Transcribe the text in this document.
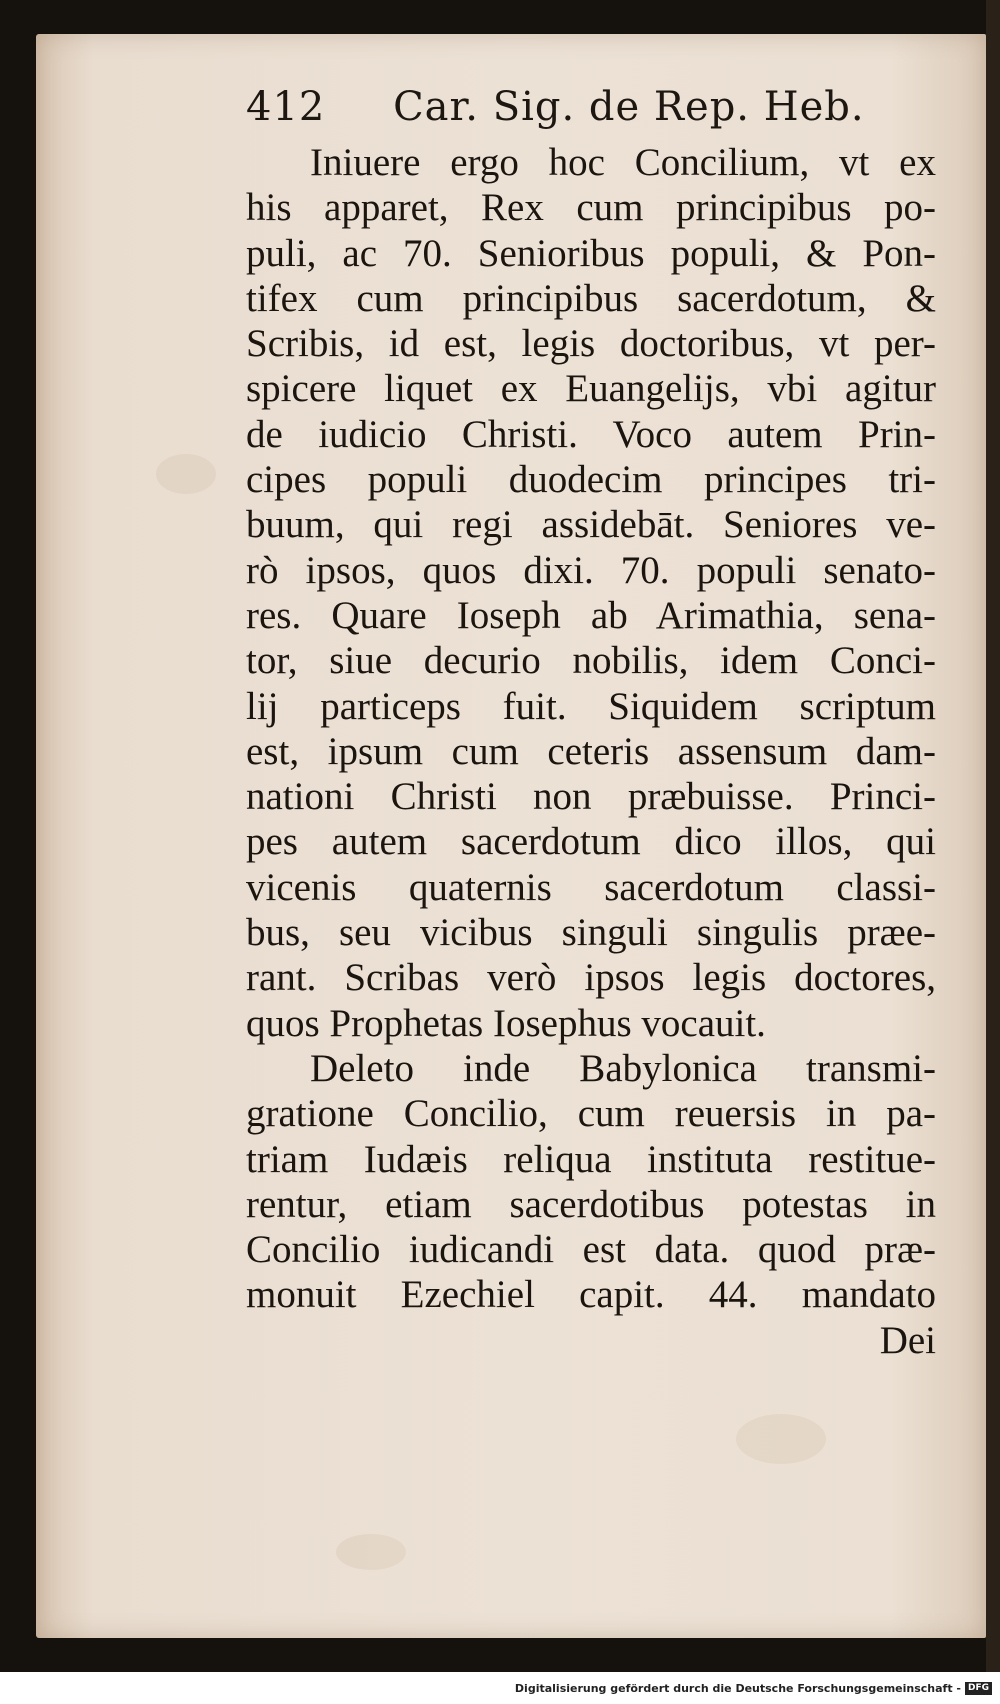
412 Car. Sig. de Rep. Heb.
Iniuere ergo hoc Concilium, vt ex
his apparet, Rex cum principibus po-
puli, ac 70. Senioribus populi, & Pon-
tifex cum principibus sacerdotum, &
Scribis, id est, legis doctoribus, vt per-
spicere liquet ex Euangelijs, vbi agitur
de iudicio Christi. Voco autem Prin-
cipes populi duodecim principes tri-
buum, qui regi assidebāt. Seniores ve-
rò ipsos, quos dixi. 70. populi senato-
res. Quare Ioseph ab Arimathia, sena-
tor, siue decurio nobilis, idem Conci-
lij particeps fuit. Siquidem scriptum
est, ipsum cum ceteris assensum dam-
nationi Christi non præbuisse. Princi-
pes autem sacerdotum dico illos, qui
vicenis quaternis sacerdotum classi-
bus, seu vicibus singuli singulis præe-
rant. Scribas verò ipsos legis doctores,
quos Prophetas Iosephus vocauit.
Deleto inde Babylonica transmi-
gratione Concilio, cum reuersis in pa-
triam Iudæis reliqua instituta restitue-
rentur, etiam sacerdotibus potestas in
Concilio iudicandi est data. quod præ-
monuit Ezechiel capit. 44. mandato
Dei
Digitalisierung gefördert durch die Deutsche Forschungsgemeinschaft - DFG
